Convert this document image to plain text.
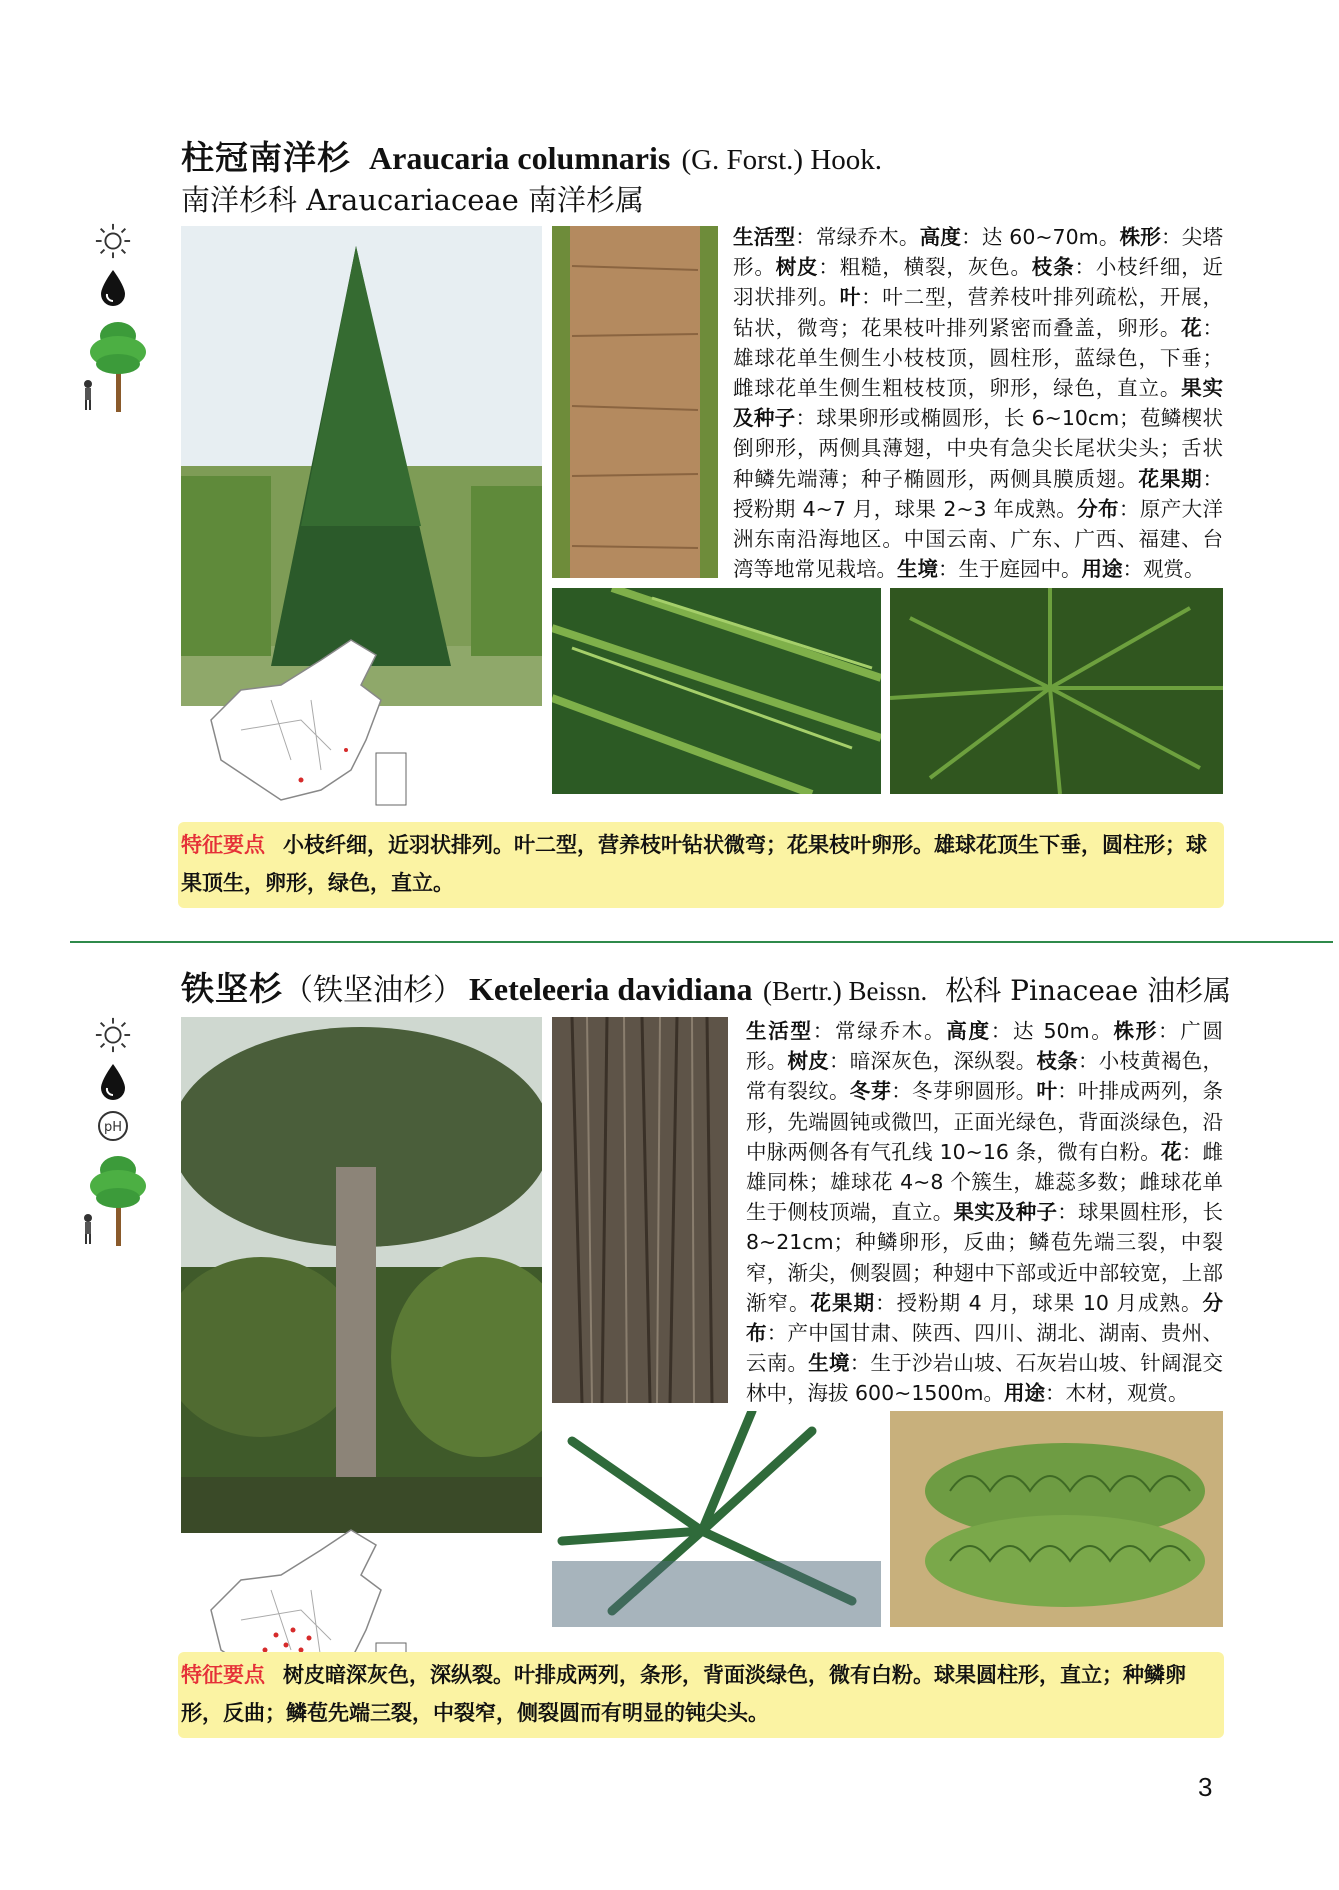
柱冠南洋杉 Araucaria columnaris (G. Forst.) Hook.
南洋杉科 Araucariaceae 南洋杉属
生活型：常绿乔木。高度：达 60~70m。株形：尖塔形。树皮：粗糙，横裂，灰色。枝条：小枝纤细，近羽状排列。叶：叶二型，营养枝叶排列疏松，开展，钻状，微弯；花果枝叶排列紧密而叠盖，卵形。花：雄球花单生侧生小枝枝顶，圆柱形，蓝绿色，下垂；雌球花单生侧生粗枝枝顶，卵形，绿色，直立。果实及种子：球果卵形或椭圆形，长 6~10cm；苞鳞楔状倒卵形，两侧具薄翅，中央有急尖长尾状尖头；舌状种鳞先端薄；种子椭圆形，两侧具膜质翅。花果期：授粉期 4~7 月，球果 2~3 年成熟。分布：原产大洋洲东南沿海地区。中国云南、广东、广西、福建、台湾等地常见栽培。生境：生于庭园中。用途：观赏。
特征要点 小枝纤细，近羽状排列。叶二型，营养枝叶钻状微弯；花果枝叶卵形。雄球花顶生下垂，圆柱形；球果顶生，卵形，绿色，直立。
铁坚杉（铁坚油杉） Keteleeria davidiana (Bertr.) Beissn. 松科 Pinaceae 油杉属
pH
生活型：常绿乔木。高度：达 50m。株形：广圆形。树皮：暗深灰色，深纵裂。枝条：小枝黄褐色，常有裂纹。冬芽：冬芽卵圆形。叶：叶排成两列，条形，先端圆钝或微凹，正面光绿色，背面淡绿色，沿中脉两侧各有气孔线 10~16 条，微有白粉。花：雌雄同株；雄球花 4~8 个簇生，雄蕊多数；雌球花单生于侧枝顶端，直立。果实及种子：球果圆柱形，长 8~21cm；种鳞卵形，反曲；鳞苞先端三裂，中裂窄，渐尖，侧裂圆；种翅中下部或近中部较宽，上部渐窄。花果期：授粉期 4 月，球果 10 月成熟。分布：产中国甘肃、陕西、四川、湖北、湖南、贵州、云南。生境：生于沙岩山坡、石灰岩山坡、针阔混交林中，海拔 600~1500m。用途：木材，观赏。
特征要点 树皮暗深灰色，深纵裂。叶排成两列，条形，背面淡绿色，微有白粉。球果圆柱形，直立；种鳞卵形，反曲；鳞苞先端三裂，中裂窄，侧裂圆而有明显的钝尖头。
3
